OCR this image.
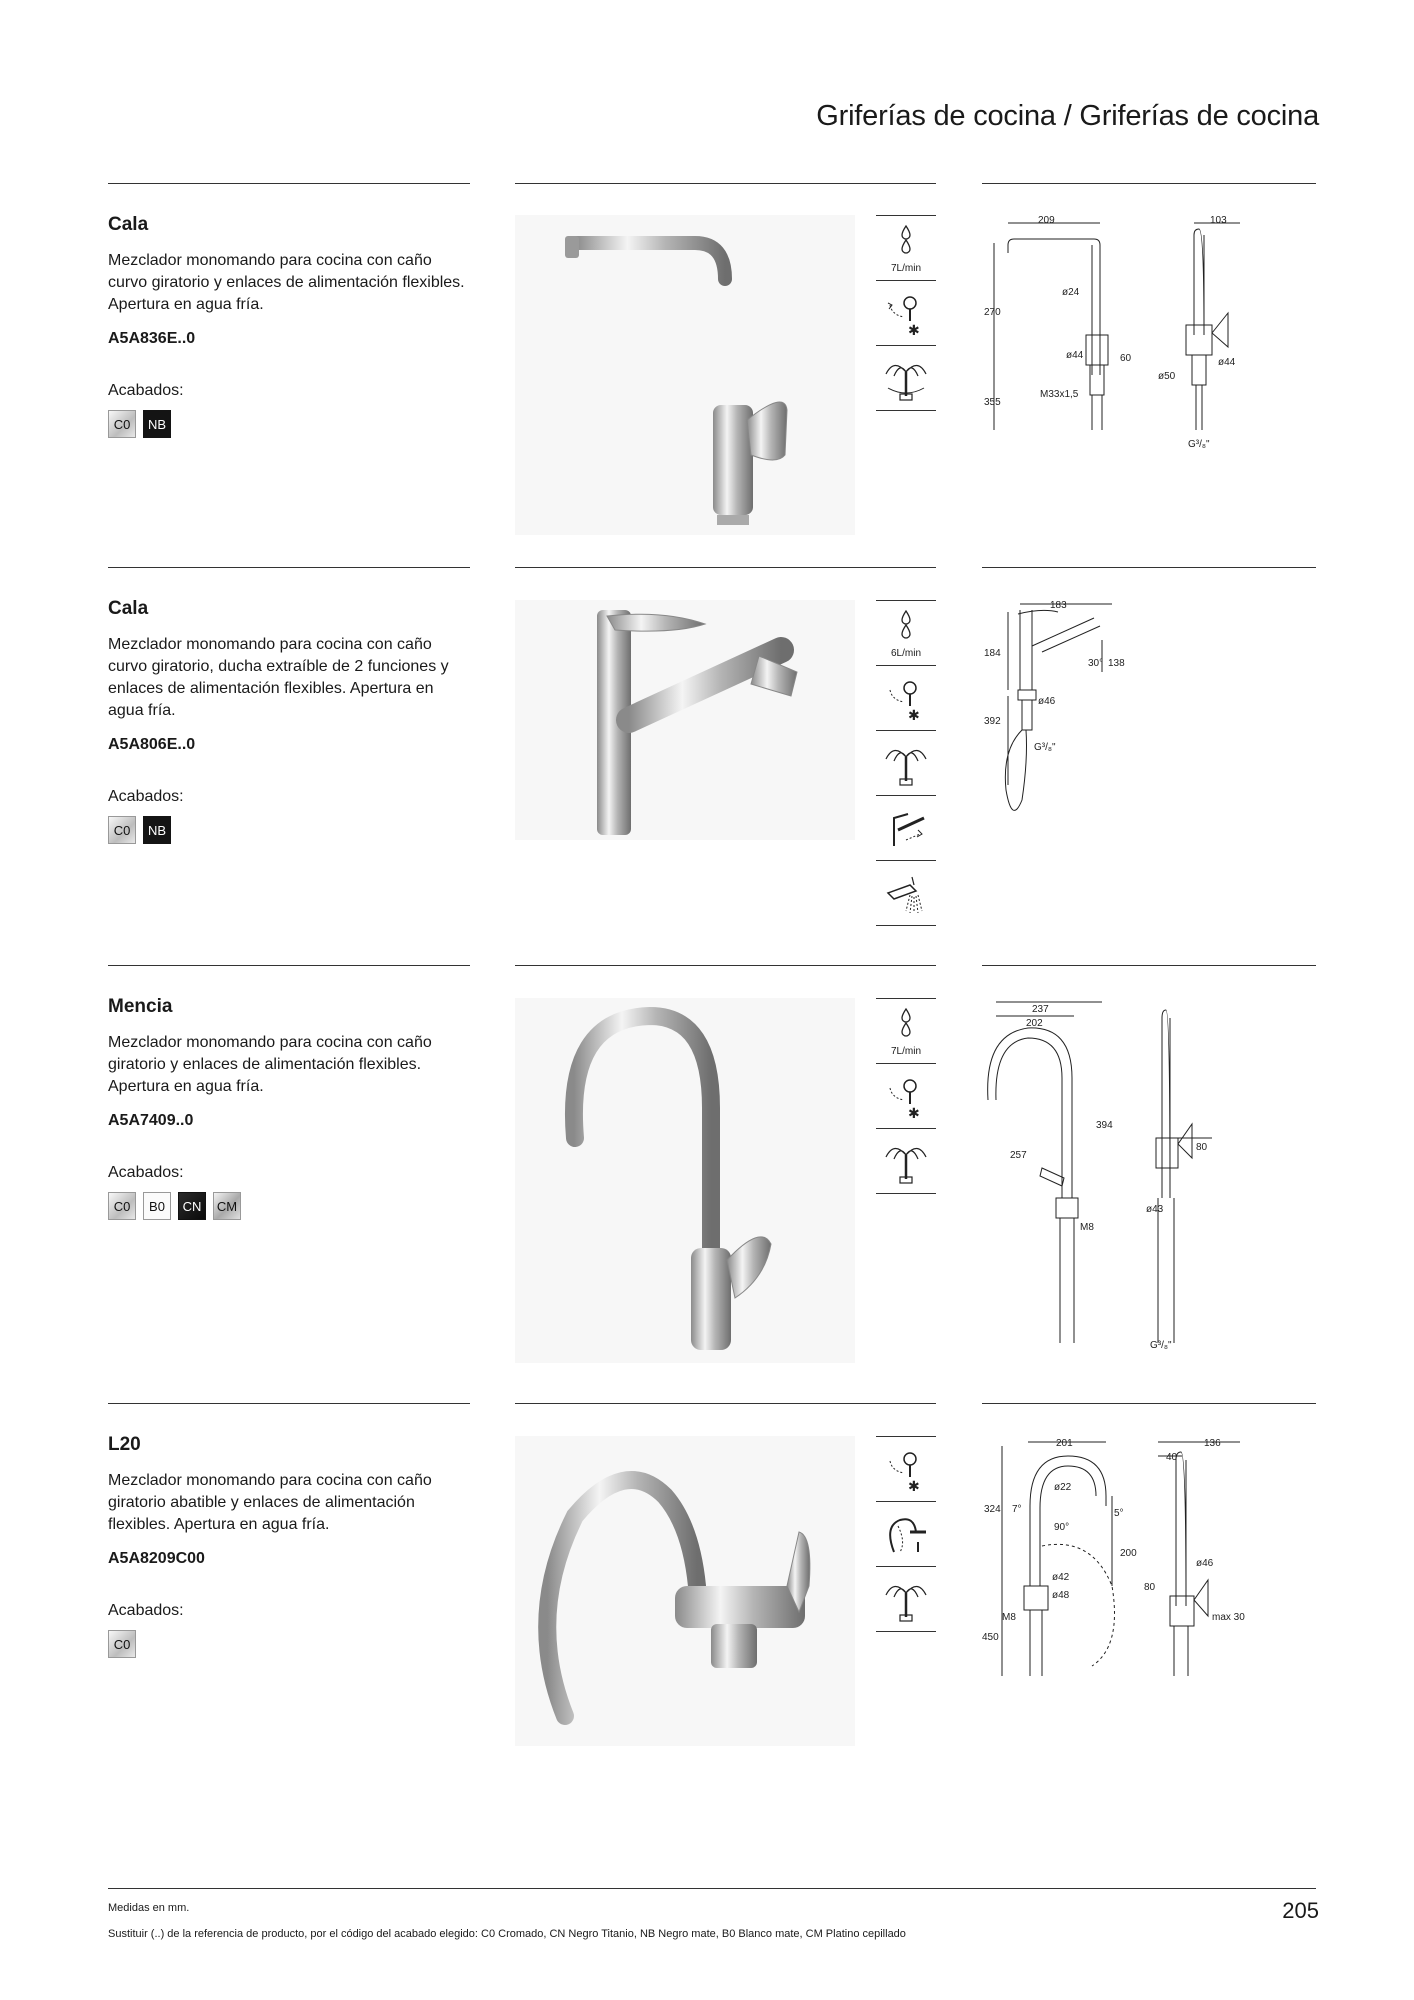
Griferías de cocina / Griferías de cocina
Cala
Mezclador monomando para cocina con caño curvo giratorio y enlaces de alimentación flexibles. Apertura en agua fría.
A5A836E..0
Acabados:
C0	NB
7L/min
✱
209	103
ø24
270
ø44	60
ø50
ø44
355
M33x1,5
G³/₈"
Cala
Mezclador monomando para cocina con caño curvo giratorio, ducha extraíble de 2 funciones y enlaces de alimentación flexibles. Apertura en agua fría.
A5A806E..0
Acabados:
C0	NB
6L/min
✱
183
184
30° 138
ø46
392
G³/₈"
Mencia
Mezclador monomando para cocina con caño giratorio y enlaces de alimentación flexibles. Apertura en agua fría.
A5A7409..0
Acabados:
C0	B0	CN	CM
7L/min
✱
237
202
394
257
80
ø43
M8
G³/₈"
L20
Mezclador monomando para cocina con caño giratorio abatible y enlaces de alimentación flexibles. Apertura en agua fría.
A5A8209C00
Acabados:
C0
✱
201	136
40
ø22
324 7°	5°
90°
200
ø46
ø42
80
ø48
M8	max 30
450
Medidas en mm.
Sustituir (..) de la referencia de producto, por el código del acabado elegido: C0 Cromado, CN Negro Titanio, NB Negro mate, B0 Blanco mate, CM Platino cepillado
205
